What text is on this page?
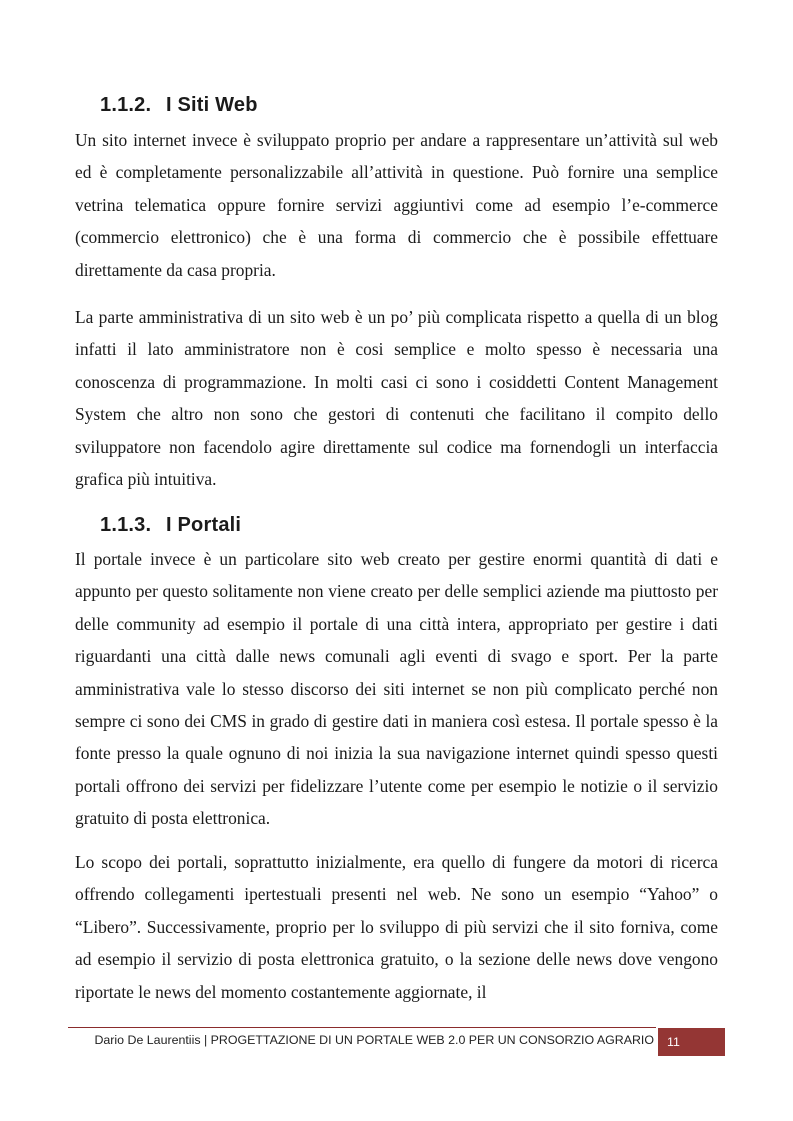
1.1.2. I Siti Web

Un sito internet invece è sviluppato proprio per andare a rappresentare un’attività sul web ed è completamente personalizzabile all’attività in questione. Può fornire una semplice vetrina telematica oppure fornire servizi aggiuntivi come ad esempio l’e-commerce (commercio elettronico) che è una forma di commercio che è possibile effettuare direttamente da casa propria.

La parte amministrativa di un sito web è un po’ più complicata rispetto a quella di un blog infatti il lato amministratore non è cosi semplice e molto spesso è necessaria una conoscenza di programmazione. In molti casi ci sono i cosiddetti Content Management System che altro non sono che gestori di contenuti che facilitano il compito dello sviluppatore non facendolo agire direttamente sul codice ma fornendogli un interfaccia grafica più intuitiva.

1.1.3. I Portali

Il portale invece è un particolare sito web creato per gestire enormi quantità di dati e appunto per questo solitamente non viene creato per delle semplici aziende ma piuttosto per delle community ad esempio il portale di una città intera, appropriato per gestire i dati riguardanti una città dalle news comunali agli eventi di svago e sport. Per la parte amministrativa vale lo stesso discorso dei siti internet se non più complicato perché non sempre ci sono dei CMS in grado di gestire dati in maniera così estesa. Il portale spesso è la fonte presso la quale ognuno di noi inizia la sua navigazione internet quindi spesso questi portali offrono dei servizi per fidelizzare l’utente come per esempio le notizie o il servizio gratuito di posta elettronica.

Lo scopo dei portali, soprattutto inizialmente, era quello di fungere da motori di ricerca offrendo collegamenti ipertestuali presenti nel web. Ne sono un esempio “Yahoo” o “Libero”. Successivamente, proprio per lo sviluppo di più servizi che il sito forniva, come ad esempio il servizio di posta elettronica gratuito, o la sezione delle news dove vengono riportate le news del momento costantemente aggiornate, il

Dario De Laurentiis | PROGETTAZIONE DI UN PORTALE WEB 2.0 PER UN CONSORZIO AGRARIO	11
